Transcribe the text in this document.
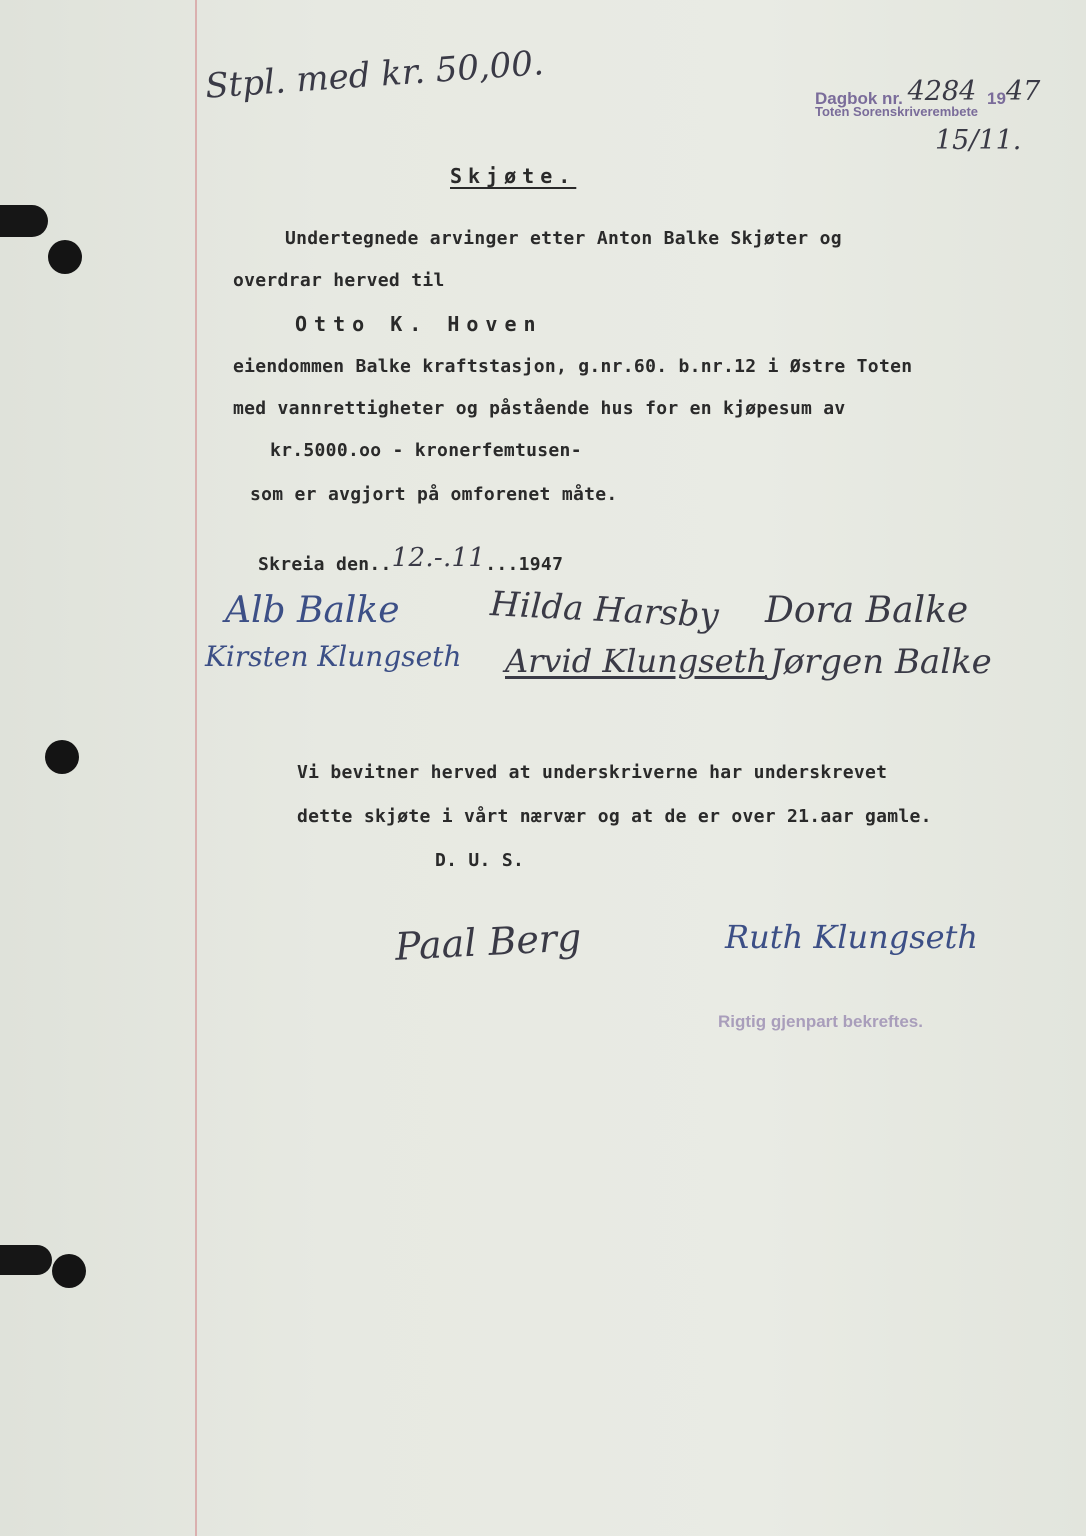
Stpl. med kr. 50,00.	Dagbok nr. 4284 1947
Toten Sorenskriverembete
15/11.
Skjøte.
Undertegnede arvinger etter Anton Balke Skjøter og
overdrar herved til
Otto K. Hoven
eiendommen Balke kraftstasjon, g.nr.60. b.nr.12 i Østre Toten
med vannrettigheter og påstående hus for en kjøpesum av
kr.5000.oo - kronerfemtusen-
som er avgjort på omforenet måte.
Skreia den..12.-.11...1947
Alb Balke	Hilda Harsby Dora Balke
Kirsten Klungseth Arvid Klungseth Jørgen Balke
Vi bevitner herved at underskriverne har underskrevet
dette skjøte i vårt nærvær og at de er over 21.aar gamle.
D. U. S.
Paal Berg	Ruth Klungseth
Rigtig gjenpart bekreftes.
